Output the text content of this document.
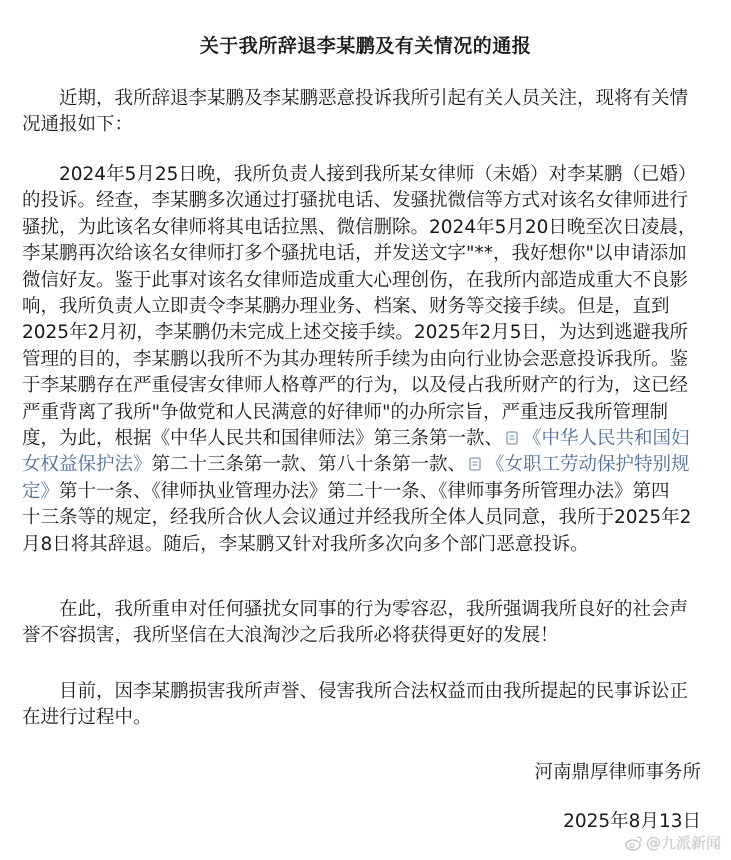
关于我所辞退李某鹏及有关情况的通报
　　近期，我所辞退李某鹏及李某鹏恶意投诉我所引起有关人员关注，现将有关情
况通报如下：
　　2024年5月25日晚，我所负责人接到我所某女律师（未婚）对李某鹏（已婚）
的投诉。经查，李某鹏多次通过打骚扰电话、发骚扰微信等方式对该名女律师进行
骚扰，为此该名女律师将其电话拉黑、微信删除。2024年5月20日晚至次日凌晨，
李某鹏再次给该名女律师打多个骚扰电话，并发送文字"**，我好想你"以申请添加
微信好友。鉴于此事对该名女律师造成重大心理创伤，在我所内部造成重大不良影
响，我所负责人立即责令李某鹏办理业务、档案、财务等交接手续。但是，直到
2025年2月初，李某鹏仍未完成上述交接手续。2025年2月5日，为达到逃避我所
管理的目的，李某鹏以我所不为其办理转所手续为由向行业协会恶意投诉我所。鉴
于李某鹏存在严重侵害女律师人格尊严的行为，以及侵占我所财产的行为，这已经
严重背离了我所"争做党和人民满意的好律师"的办所宗旨，严重违反我所管理制
度，为此，根据《中华人民共和国律师法》第三条第一款、 《中华人民共和国妇
女权益保护法》第二十三条第一款、第八十条第一款、 《女职工劳动保护特别规
定》第十一条、《律师执业管理办法》第二十一条、《律师事务所管理办法》第四
十三条等的规定，经我所合伙人会议通过并经我所全体人员同意，我所于2025年2
月8日将其辞退。随后，李某鹏又针对我所多次向多个部门恶意投诉。
　　在此，我所重申对任何骚扰女同事的行为零容忍，我所强调我所良好的社会声
誉不容损害，我所坚信在大浪淘沙之后我所必将获得更好的发展！
　　目前，因李某鹏损害我所声誉、侵害我所合法权益而由我所提起的民事诉讼正
在进行过程中。
河南鼎厚律师事务所
2025年8月13日
@九派新闻
